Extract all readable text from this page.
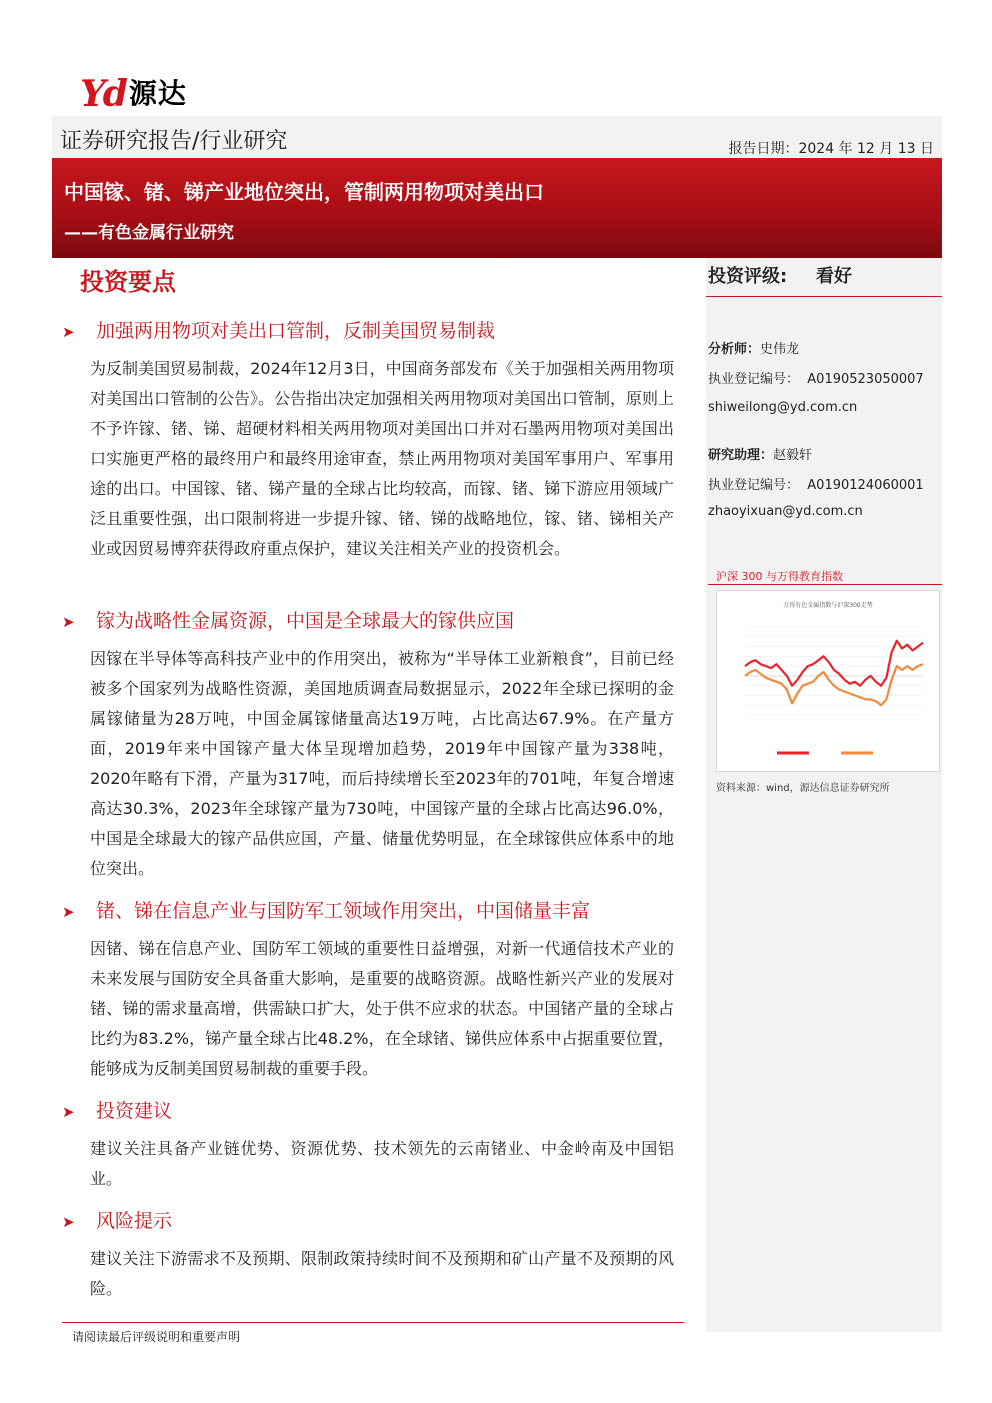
Yd 源达
证券研究报告/行业研究	报告日期：2024 年 12 月 13 日
中国镓、锗、锑产业地位突出，管制两用物项对美出口
——有色金属行业研究
投资要点
➤ 加强两用物项对美出口管制，反制美国贸易制裁

为反制美国贸易制裁，2024年12月3日，中国商务部发布《关于加强相关两用物项对美国出口管制的公告》。公告指出决定加强相关两用物项对美国出口管制，原则上不予许镓、锗、锑、超硬材料相关两用物项对美国出口并对石墨两用物项对美国出口实施更严格的最终用户和最终用途审查，禁止两用物项对美国军事用户、军事用途的出口。中国镓、锗、锑产量的全球占比均较高，而镓、锗、锑下游应用领域广泛且重要性强，出口限制将进一步提升镓、锗、锑的战略地位，镓、锗、锑相关产业或因贸易博弈获得政府重点保护，建议关注相关产业的投资机会。

➤ 镓为战略性金属资源，中国是全球最大的镓供应国

因镓在半导体等高科技产业中的作用突出，被称为“半导体工业新粮食”，目前已经被多个国家列为战略性资源，美国地质调查局数据显示，2022年全球已探明的金属镓储量为28万吨，中国金属镓储量高达19万吨，占比高达67.9%。在产量方面，2019年来中国镓产量大体呈现增加趋势，2019年中国镓产量为338吨，2020年略有下滑，产量为317吨，而后持续增长至2023年的701吨，年复合增速高达30.3%，2023年全球镓产量为730吨，中国镓产量的全球占比高达96.0%，中国是全球最大的镓产品供应国，产量、储量优势明显，在全球镓供应体系中的地位突出。

➤ 锗、锑在信息产业与国防军工领域作用突出，中国储量丰富

因锗、锑在信息产业、国防军工领域的重要性日益增强，对新一代通信技术产业的未来发展与国防安全具备重大影响，是重要的战略资源。战略性新兴产业的发展对锗、锑的需求量高增，供需缺口扩大，处于供不应求的状态。中国锗产量的全球占比约为83.2%，锑产量全球占比48.2%，在全球锗、锑供应体系中占据重要位置，能够成为反制美国贸易制裁的重要手段。

➤ 投资建议

建议关注具备产业链优势、资源优势、技术领先的云南锗业、中金岭南及中国铝业。

➤ 风险提示

建议关注下游需求不及预期、限制政策持续时间不及预期和矿山产量不及预期的风险。

投资评级: 看好
分析师：史伟龙
执业登记编号： A0190523050007
shiweilong@yd.com.cn
研究助理：赵毅轩
执业登记编号： A0190124060001
zhaoyixuan@yd.com.cn
沪深 300 与万得教育指数
万得有色金属指数与沪深300走势
资料来源：wind，源达信息证券研究所
请阅读最后评级说明和重要声明
